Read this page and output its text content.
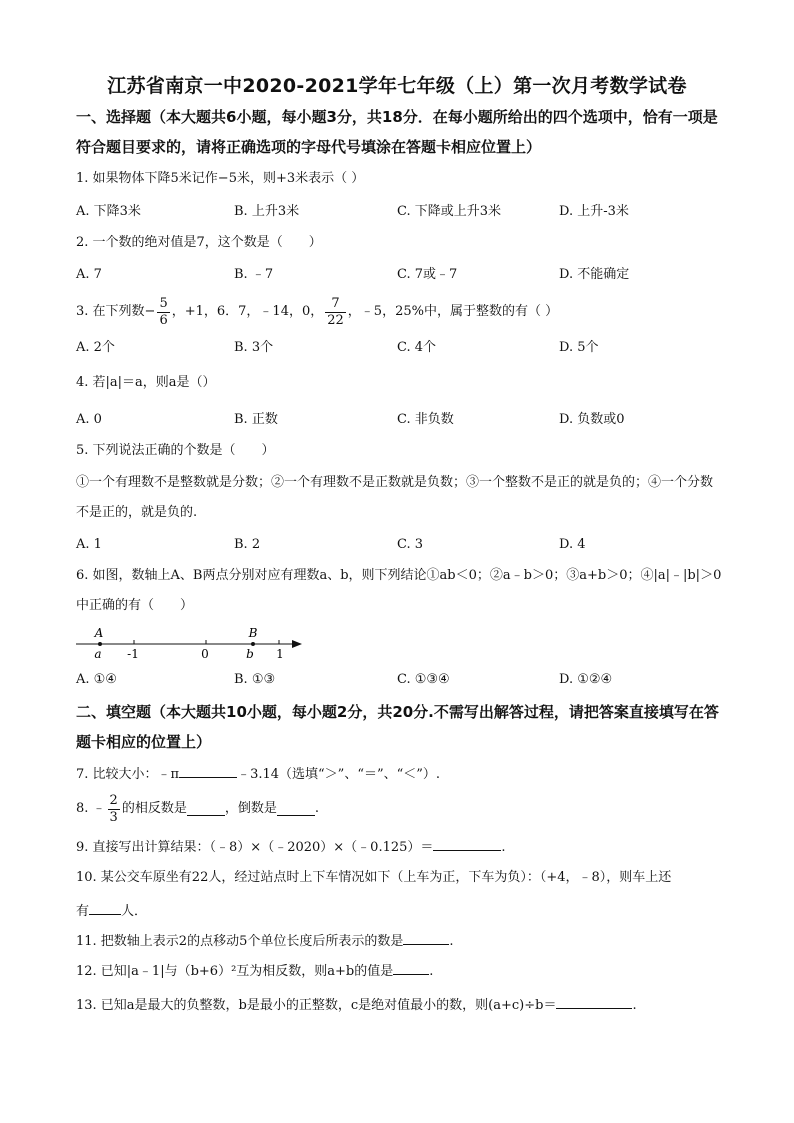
江苏省南京一中2020-2021学年七年级（上）第一次月考数学试卷
一、选择题（本大题共6小题，每小题3分，共18分．在每小题所给出的四个选项中，恰有一项是符合题目要求的，请将正确选项的字母代号填涂在答题卡相应位置上）
1. 如果物体下降5米记作−5米，则+3米表示（ ）
A. 下降3米	B. 上升3米	C. 下降或上升3米	D. 上升-3米
2. 一个数的绝对值是7，这个数是（　　）
A. 7	B. ﹣7	C. 7或﹣7	D. 不能确定
3. 在下列数− $\frac{5}{6}$ ，+1，6．7，﹣14，0， $\frac{7}{22}$ ，﹣5，25%中，属于整数的有（ ）
A. 2个	B. 3个	C. 4个	D. 5个
4. 若|a|＝a，则a是（）
A. 0	B. 正数	C. 非负数	D. 负数或0
5. 下列说法正确的个数是（　　）
①一个有理数不是整数就是分数；②一个有理数不是正数就是负数；③一个整数不是正的就是负的；④一个分数不是正的，就是负的.
A. 1	B. 2	C. 3	D. 4
6. 如图，数轴上A、B两点分别对应有理数a、b，则下列结论①ab＜0；②a﹣b＞0；③a+b＞0；④|a|﹣|b|＞0中正确的有（　　）
A	B
a -1	0	b 1
A. ①④	B. ①③	C. ①③④	D. ①②④
二、填空题（本大题共10小题，每小题2分，共20分.不需写出解答过程，请把答案直接填写在答题卡相应的位置上）
7. 比较大小：﹣π	﹣3.14（选填“＞”、“＝”、“＜”）.
8. ﹣ $\frac{2}{3}$ 的相反数是	，倒数是	.
9. 直接写出计算结果：（﹣8）×（﹣2020）×（﹣0.125）＝	.
10. 某公交车原坐有22人，经过站点时上下车情况如下（上车为正，下车为负）：（+4，﹣8），则车上还
有 人．
11. 把数轴上表示2的点移动5个单位长度后所表示的数是	.
12. 已知|a﹣1|与（b+6）²互为相反数，则a+b的值是	.
13. 已知a是最大的负整数，b是最小的正整数，c是绝对值最小的数，则(a+c)÷b＝	.
